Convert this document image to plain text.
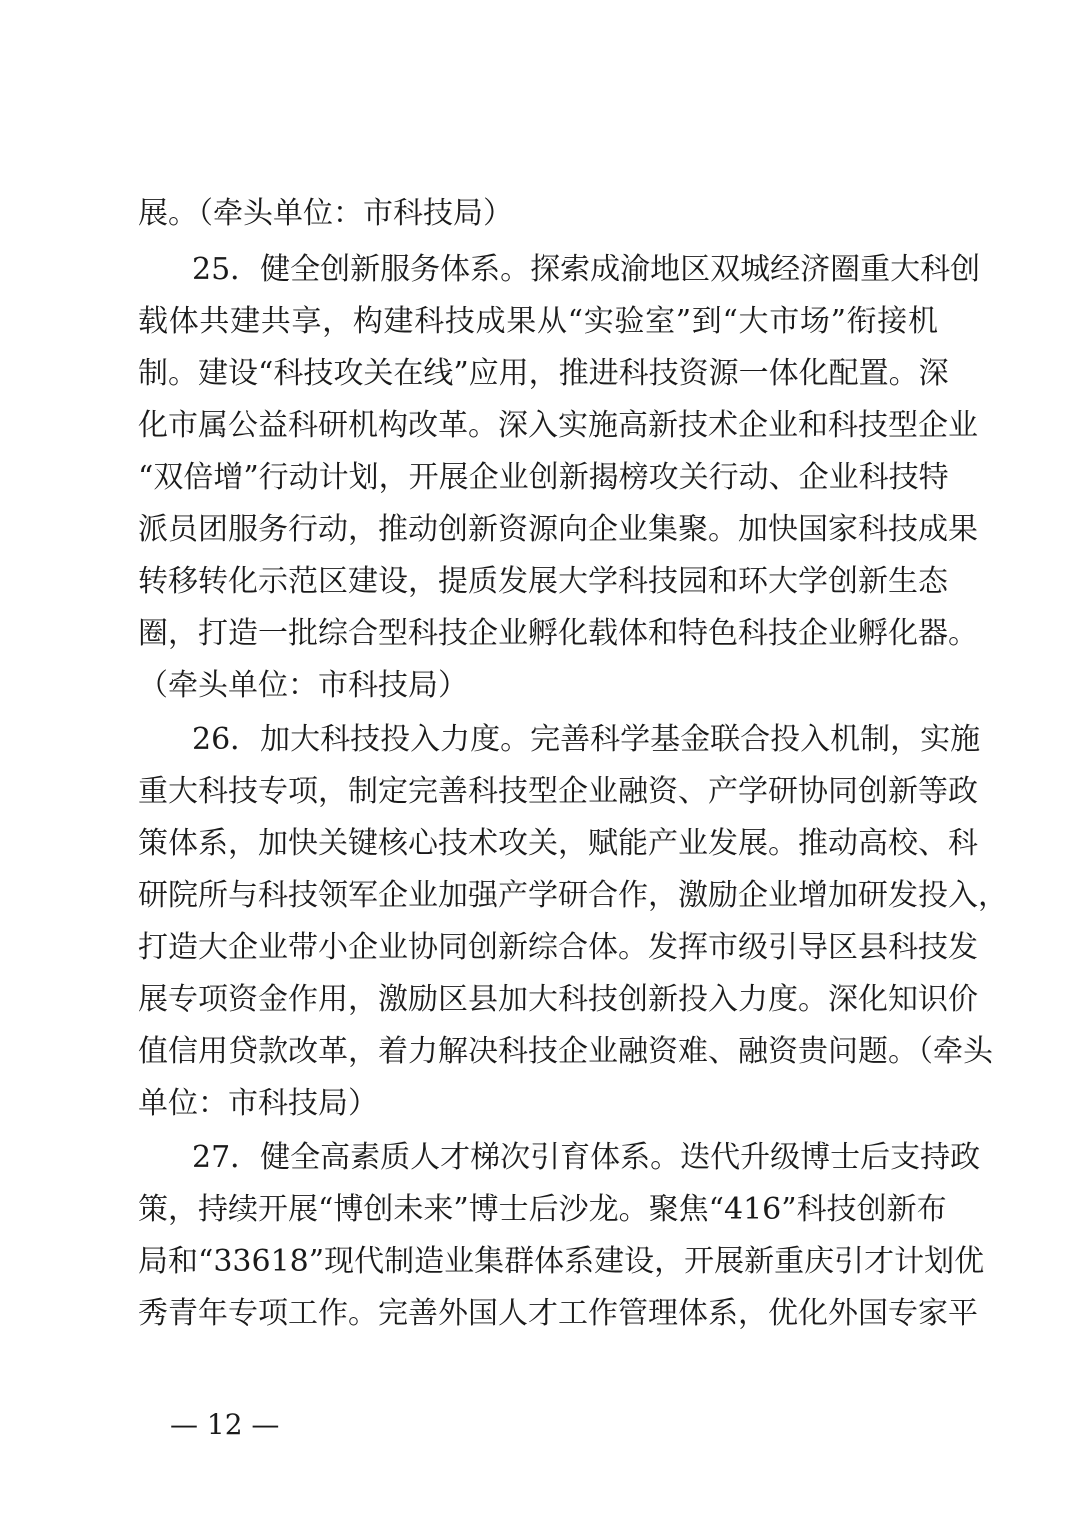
展。（牵头单位：市科技局）
25．健全创新服务体系。探索成渝地区双城经济圈重大科创
载体共建共享，构建科技成果从“实验室”到“大市场”衔接机
制。建设“科技攻关在线”应用，推进科技资源一体化配置。深
化市属公益科研机构改革。深入实施高新技术企业和科技型企业
“双倍增”行动计划，开展企业创新揭榜攻关行动、企业科技特
派员团服务行动，推动创新资源向企业集聚。加快国家科技成果
转移转化示范区建设，提质发展大学科技园和环大学创新生态
圈，打造一批综合型科技企业孵化载体和特色科技企业孵化器。
（牵头单位：市科技局）
26．加大科技投入力度。完善科学基金联合投入机制，实施
重大科技专项，制定完善科技型企业融资、产学研协同创新等政
策体系，加快关键核心技术攻关，赋能产业发展。推动高校、科
研院所与科技领军企业加强产学研合作，激励企业增加研发投入，
打造大企业带小企业协同创新综合体。发挥市级引导区县科技发
展专项资金作用，激励区县加大科技创新投入力度。深化知识价
值信用贷款改革，着力解决科技企业融资难、融资贵问题。（牵头
单位：市科技局）
27．健全高素质人才梯次引育体系。迭代升级博士后支持政
策，持续开展“博创未来”博士后沙龙。聚焦“416”科技创新布
局和“33618”现代制造业集群体系建设，开展新重庆引才计划优
秀青年专项工作。完善外国人才工作管理体系，优化外国专家平
— 12 —
